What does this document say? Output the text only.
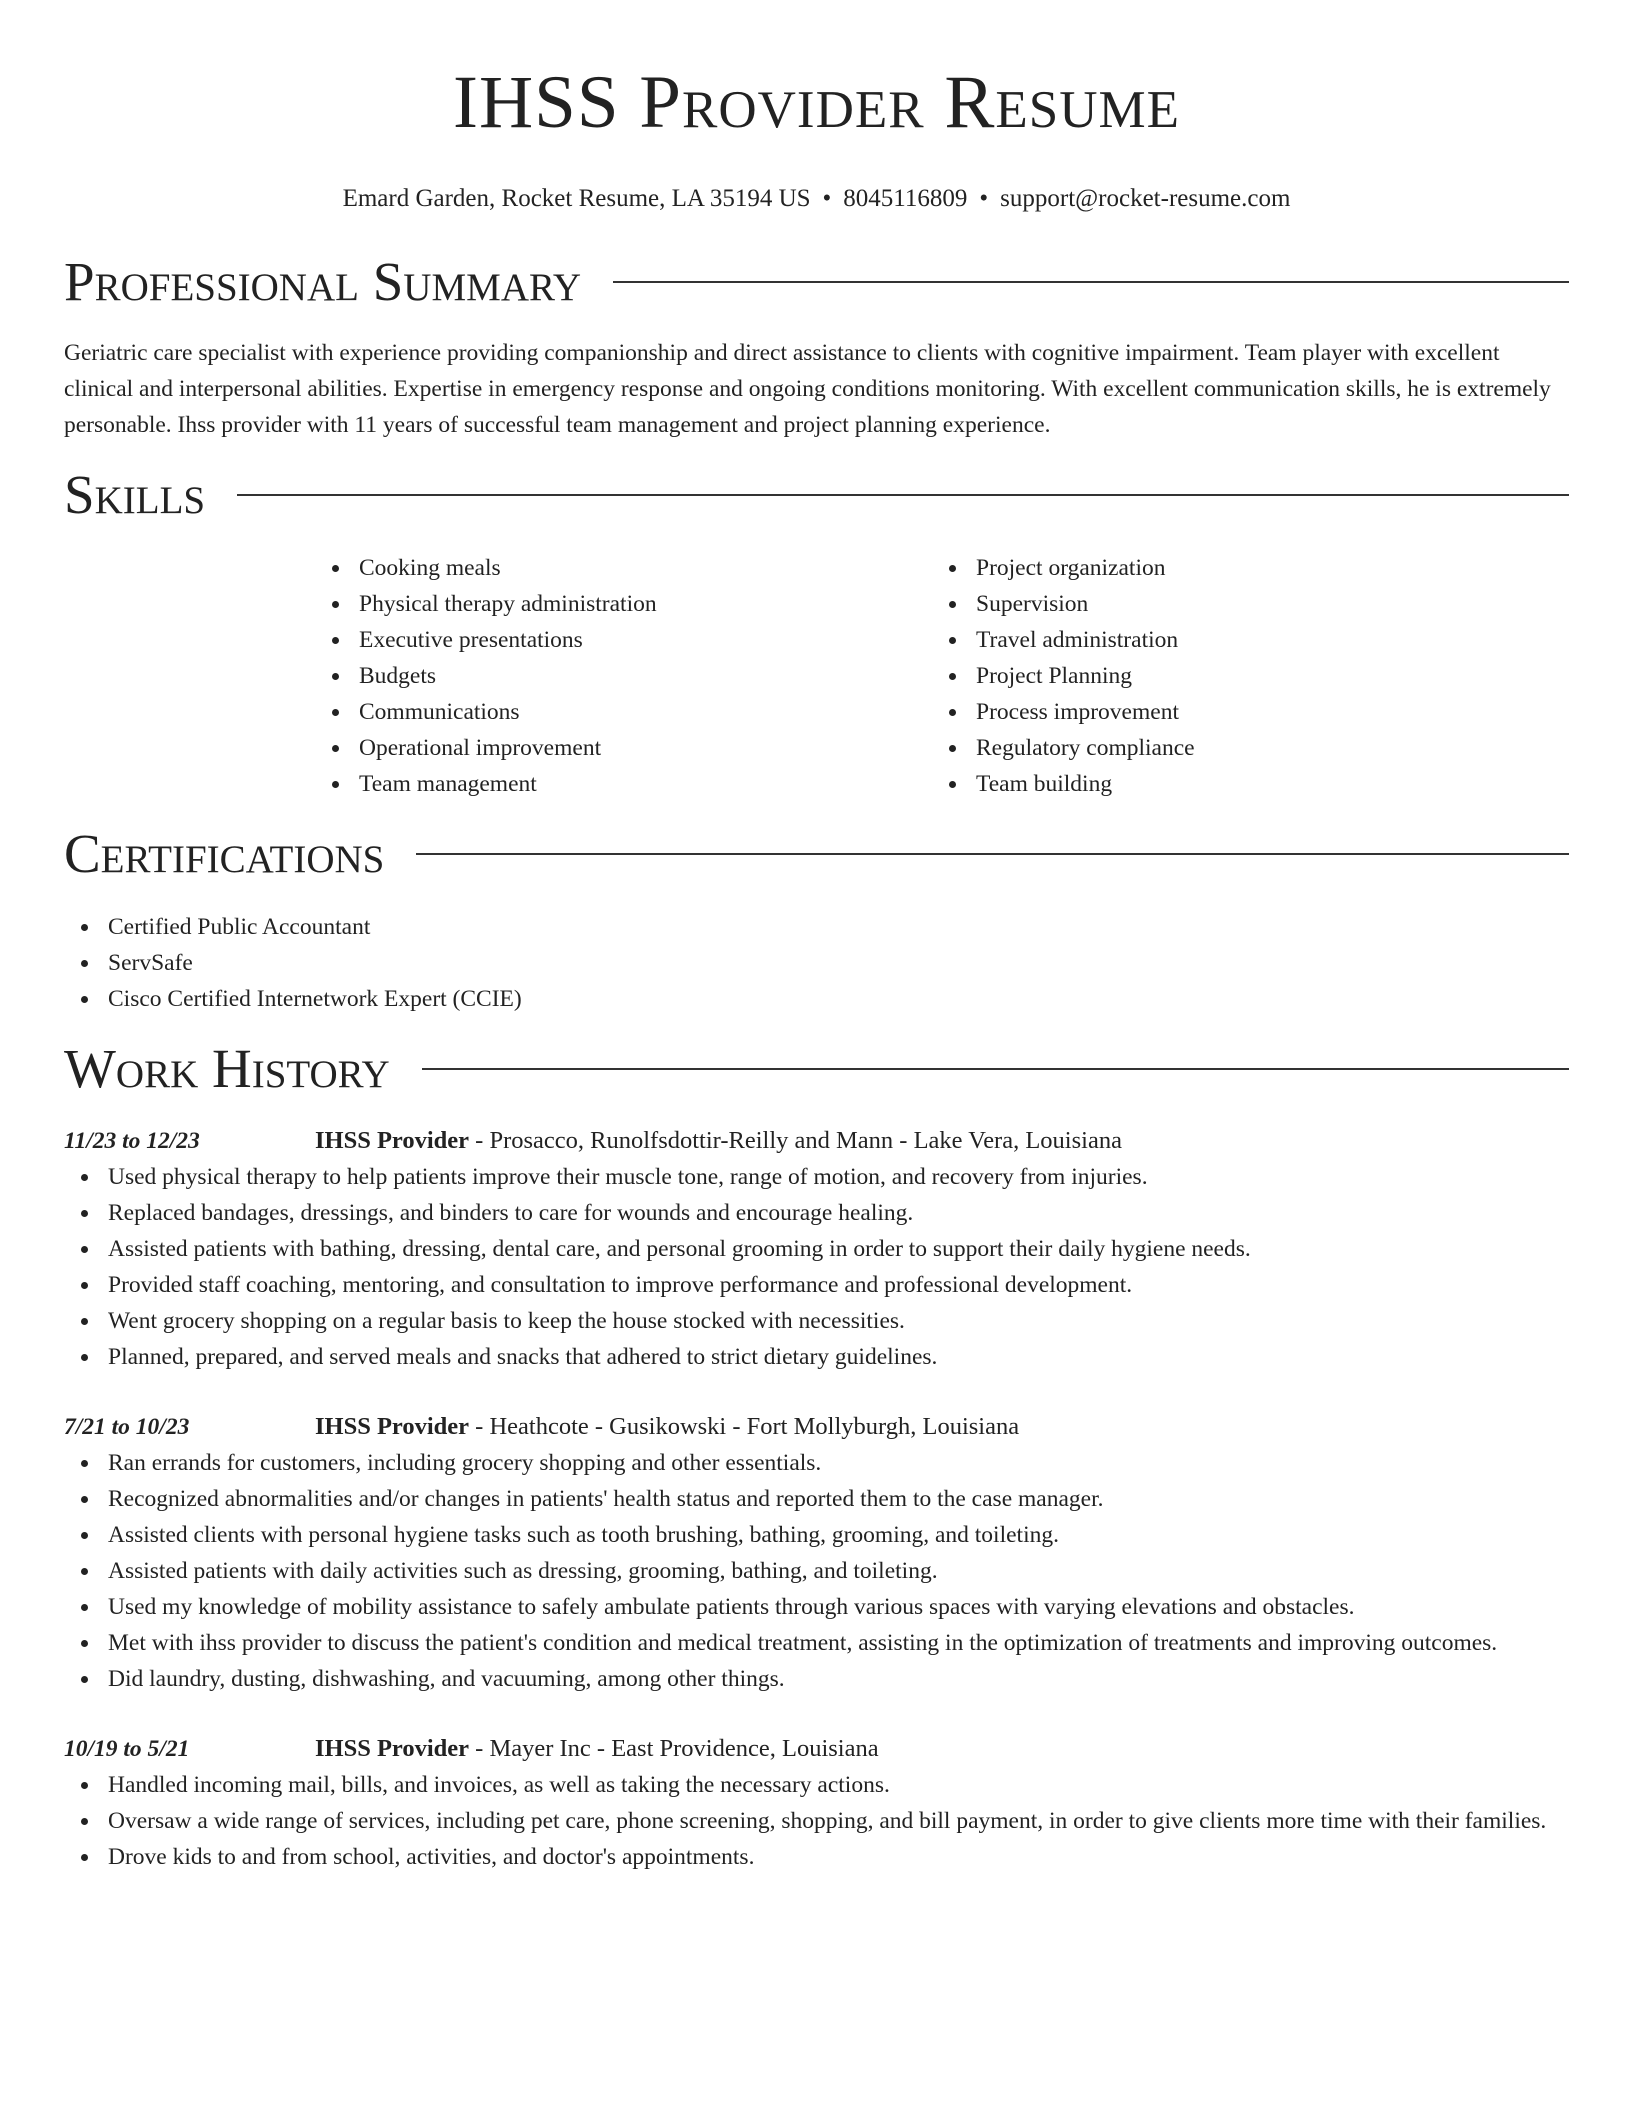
IHSS Provider Resume
Emard Garden, Rocket Resume, LA 35194 US • 8045116809 • support@rocket-resume.com
Professional Summary

Geriatric care specialist with experience providing companionship and direct assistance to clients with cognitive impairment. Team player with excellent clinical and interpersonal abilities. Expertise in emergency response and ongoing conditions monitoring. With excellent communication skills, he is extremely personable. Ihss provider with 11 years of successful team management and project planning experience.

Skills
Cooking meals
Physical therapy administration
Executive presentations
Budgets
Communications
Operational improvement
Team management
Project organization
Supervision
Travel administration
Project Planning
Process improvement
Regulatory compliance
Team building
Certifications
Certified Public Accountant
ServSafe
Cisco Certified Internetwork Expert (CCIE)
Work History
11/23 to 12/23	IHSS Provider - Prosacco, Runolfsdottir-Reilly and Mann - Lake Vera, Louisiana
Used physical therapy to help patients improve their muscle tone, range of motion, and recovery from injuries.
Replaced bandages, dressings, and binders to care for wounds and encourage healing.
Assisted patients with bathing, dressing, dental care, and personal grooming in order to support their daily hygiene needs.
Provided staff coaching, mentoring, and consultation to improve performance and professional development.
Went grocery shopping on a regular basis to keep the house stocked with necessities.
Planned, prepared, and served meals and snacks that adhered to strict dietary guidelines.
7/21 to 10/23	IHSS Provider - Heathcote - Gusikowski - Fort Mollyburgh, Louisiana
Ran errands for customers, including grocery shopping and other essentials.
Recognized abnormalities and/or changes in patients' health status and reported them to the case manager.
Assisted clients with personal hygiene tasks such as tooth brushing, bathing, grooming, and toileting.
Assisted patients with daily activities such as dressing, grooming, bathing, and toileting.
Used my knowledge of mobility assistance to safely ambulate patients through various spaces with varying elevations and obstacles.
Met with ihss provider to discuss the patient's condition and medical treatment, assisting in the optimization of treatments and improving outcomes.
Did laundry, dusting, dishwashing, and vacuuming, among other things.
10/19 to 5/21	IHSS Provider - Mayer Inc - East Providence, Louisiana
Handled incoming mail, bills, and invoices, as well as taking the necessary actions.
Oversaw a wide range of services, including pet care, phone screening, shopping, and bill payment, in order to give clients more time with their families.
Drove kids to and from school, activities, and doctor's appointments.
